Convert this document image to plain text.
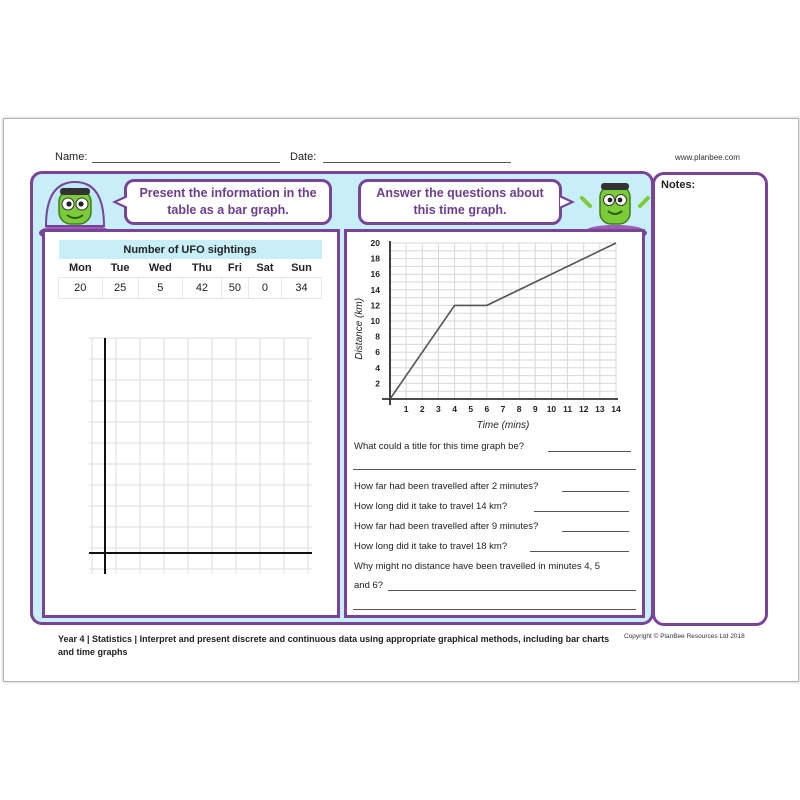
Name:	Date:	www.planbee.com
Notes:
Present the information in the table as a bar graph.
Answer the questions about this time graph.
Number of UFO sightings						
Mon	Tue	Wed	Thu	Fri	Sat	Sun
20	25	5	42	50	0	34
1 2 3 4 5 6 7 8 9 10 11 12 13 14
2
4
6
8
10
12
14
16
18
20
Time (mins)
Distance (km)
What could a title for this time graph be?
How far had been travelled after 2 minutes?
How long did it take to travel 14 km?
How far had been travelled after 9 minutes?
How long did it take to travel 18 km?
Why might no distance have been travelled in minutes 4, 5
and 6?
Year 4 | Statistics | Interpret and present discrete and continuous data using appropriate graphical methods, including bar charts and time graphs
Copyright © PlanBee Resources Ltd 2018
